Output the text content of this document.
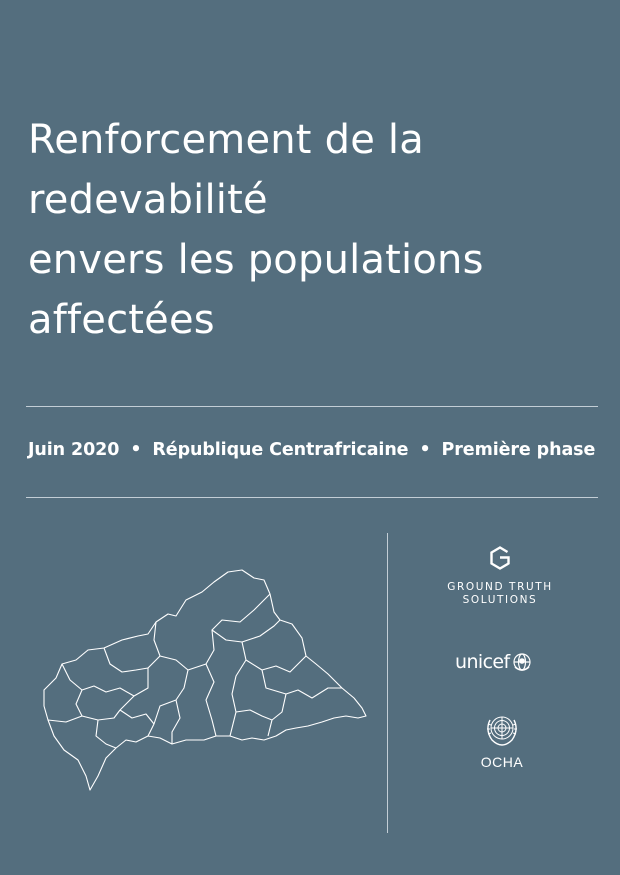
Renforcement de la
redevabilité
envers les populations
affectées
Juin 2020 • République Centrafricaine • Première phase
GROUND TRUTH
SOLUTIONS
unicef
OCHA
